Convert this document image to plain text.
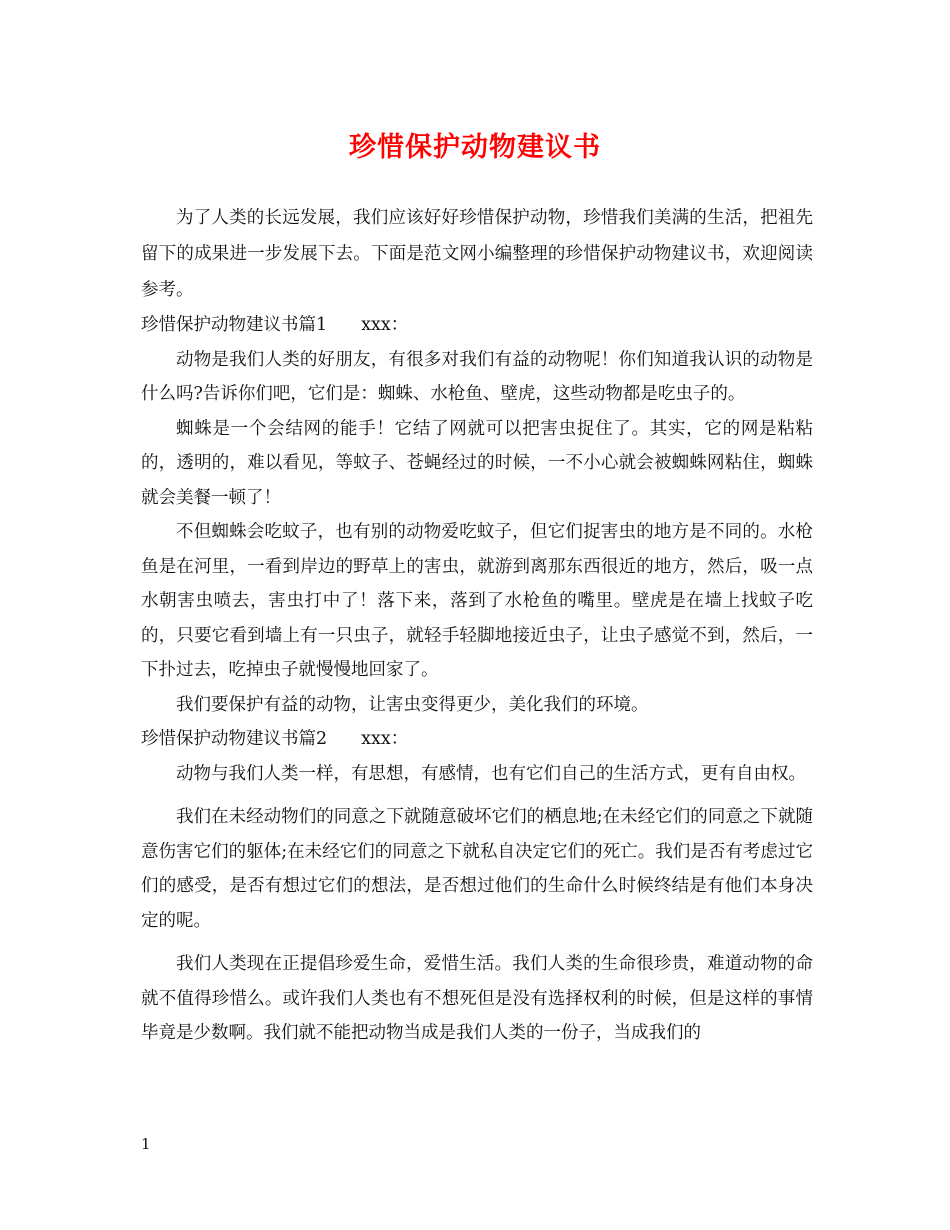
珍惜保护动物建议书

为了人类的长远发展，我们应该好好珍惜保护动物，珍惜我们美满的生活，把祖先留下的成果进一步发展下去。下面是范文网小编整理的珍惜保护动物建议书，欢迎阅读参考。

珍惜保护动物建议书篇1 xxx：

动物是我们人类的好朋友，有很多对我们有益的动物呢！你们知道我认识的动物是什么吗?告诉你们吧，它们是：蜘蛛、水枪鱼、壁虎，这些动物都是吃虫子的。

蜘蛛是一个会结网的能手！它结了网就可以把害虫捉住了。其实，它的网是粘粘的，透明的，难以看见，等蚊子、苍蝇经过的时候，一不小心就会被蜘蛛网粘住，蜘蛛就会美餐一顿了！

不但蜘蛛会吃蚊子，也有别的动物爱吃蚊子，但它们捉害虫的地方是不同的。水枪鱼是在河里，一看到岸边的野草上的害虫，就游到离那东西很近的地方，然后，吸一点水朝害虫喷去，害虫打中了！落下来，落到了水枪鱼的嘴里。壁虎是在墙上找蚊子吃的，只要它看到墙上有一只虫子，就轻手轻脚地接近虫子，让虫子感觉不到，然后，一下扑过去，吃掉虫子就慢慢地回家了。

我们要保护有益的动物，让害虫变得更少，美化我们的环境。

珍惜保护动物建议书篇2 xxx：

动物与我们人类一样，有思想，有感情，也有它们自己的生活方式，更有自由权。

我们在未经动物们的同意之下就随意破坏它们的栖息地;在未经它们的同意之下就随意伤害它们的躯体;在未经它们的同意之下就私自决定它们的死亡。我们是否有考虑过它们的感受，是否有想过它们的想法，是否想过他们的生命什么时候终结是有他们本身决定的呢。

我们人类现在正提倡珍爱生命，爱惜生活。我们人类的生命很珍贵，难道动物的命就不值得珍惜么。或许我们人类也有不想死但是没有选择权利的时候，但是这样的事情毕竟是少数啊。我们就不能把动物当成是我们人类的一份子，当成我们的

1
